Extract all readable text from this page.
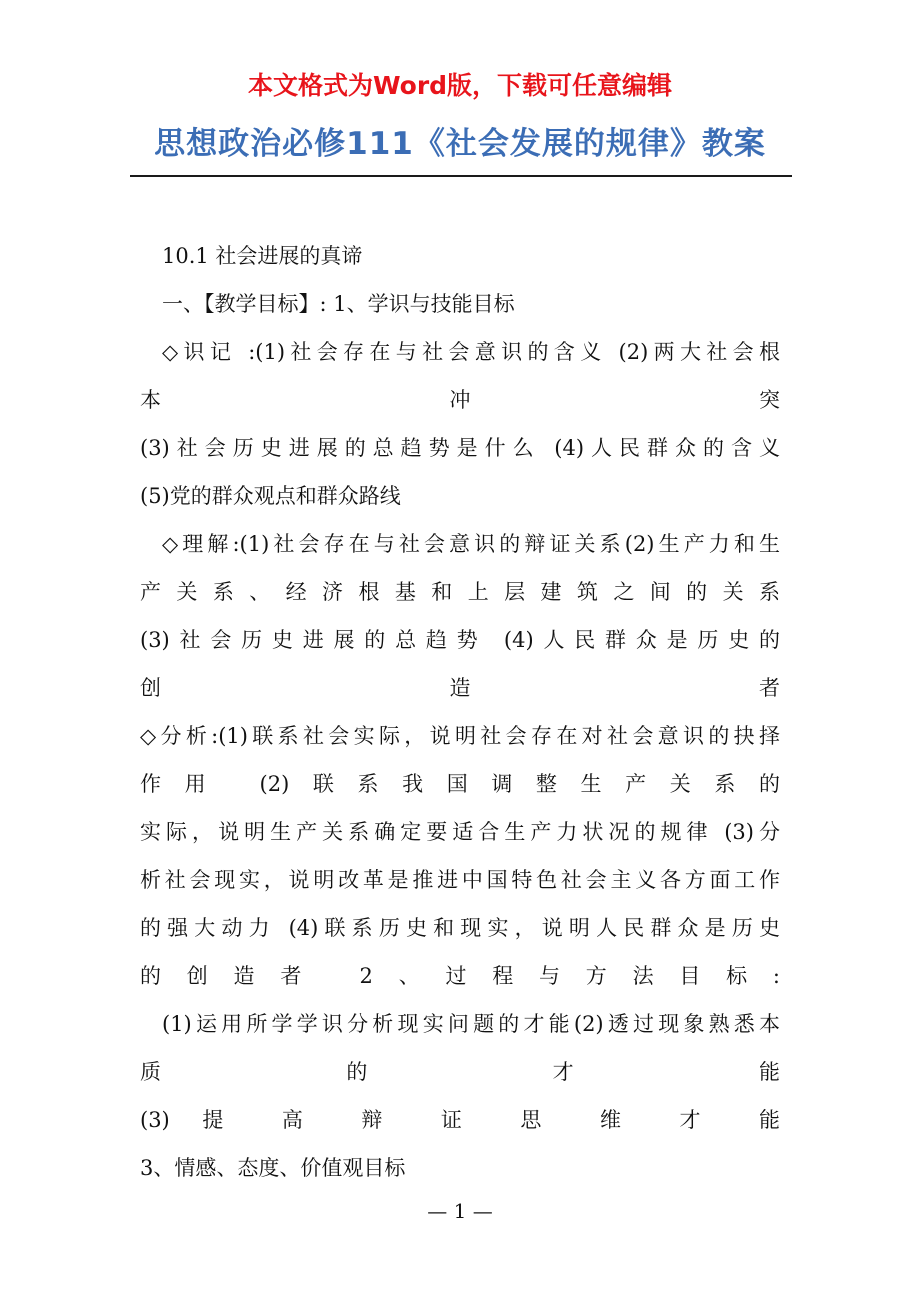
本文格式为Word版，下载可任意编辑
思想政治必修111《社会发展的规律》教案
10.1 社会进展的真谛
一、【教学目标】: 1、学识与技能目标
◇识记 :(1)社会存在与社会意识的含义 (2)两大社会根
本 冲 突
(3)社会历史进展的总趋势是什么 (4)人民群众的含义
(5)党的群众观点和群众路线
◇理解:(1)社会存在与社会意识的辩证关系(2)生产力和生
产 关 系 、 经 济 根 基 和 上 层 建 筑 之 间 的 关 系
(3)社会历史进展的总趋势 (4)人民群众是历史的
创 造 者
◇分析:(1)联系社会实际，说明社会存在对社会意识的抉择
作用 (2)联系我国调整生产关系的
实际，说明生产关系确定要适合生产力状况的规律 (3)分
析社会现实，说明改革是推进中国特色社会主义各方面工作
的强大动力 (4)联系历史和现实，说明人民群众是历史
的创造者 2、过程与方法目标:
(1)运用所学学识分析现实问题的才能(2)透过现象熟悉本
质 的 才 能
(3) 提 高 辩 证 思 维 才 能
3、情感、态度、价值观目标
— 1 —
